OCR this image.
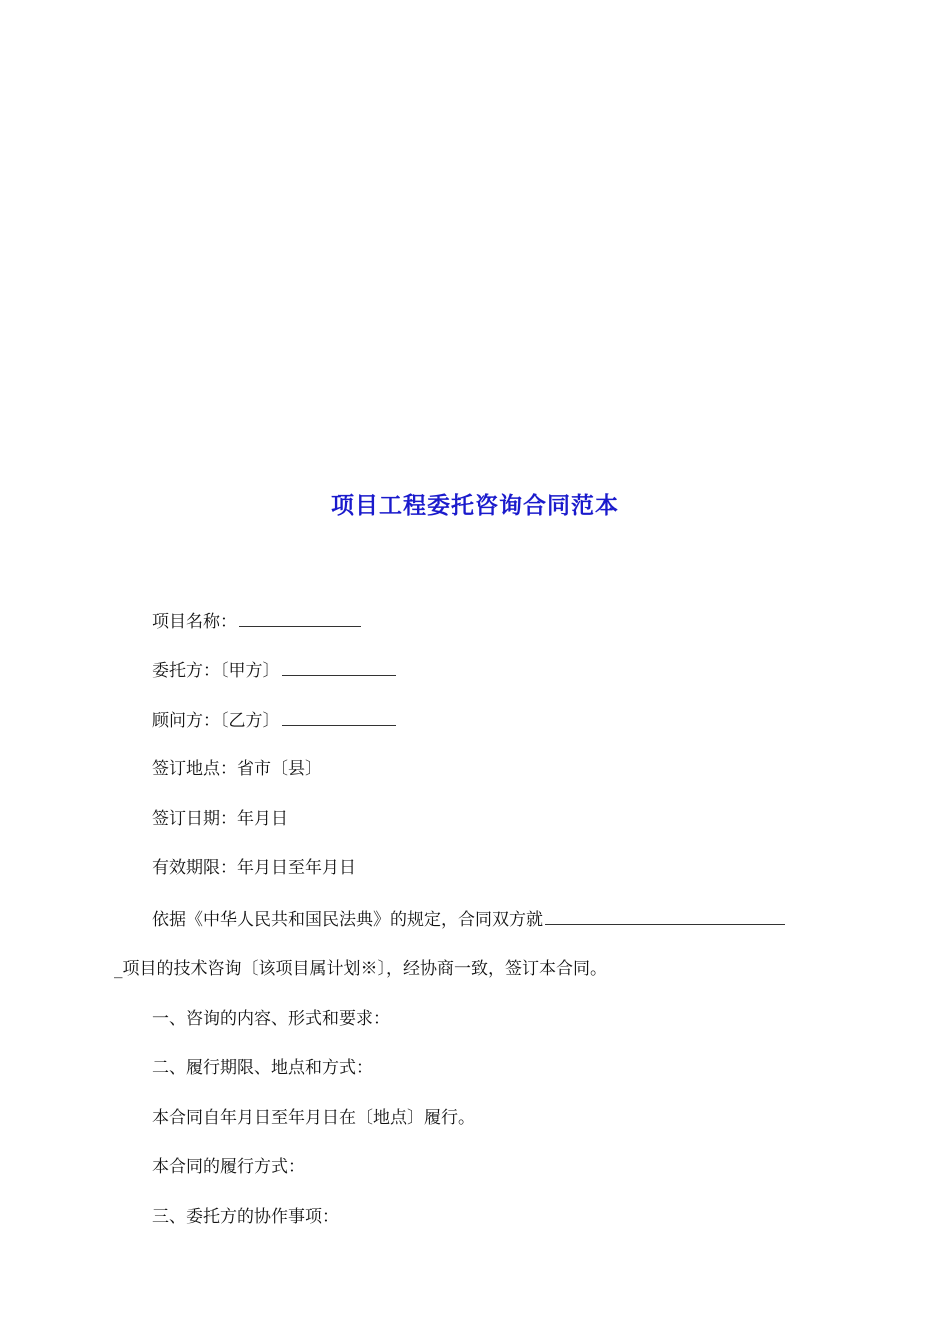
项目工程委托咨询合同范本
项目名称：
委托方：〔甲方〕
顾问方：〔乙方〕
签订地点：省市〔县〕
签订日期：年月日
有效期限：年月日至年月日
依据《中华人民共和国民法典》的规定，合同双方就
_项目的技术咨询〔该项目属计划※〕，经协商一致，签订本合同。
一、咨询的内容、形式和要求：
二、履行期限、地点和方式：
本合同自年月日至年月日在〔地点〕履行。
本合同的履行方式：
三、委托方的协作事项：
